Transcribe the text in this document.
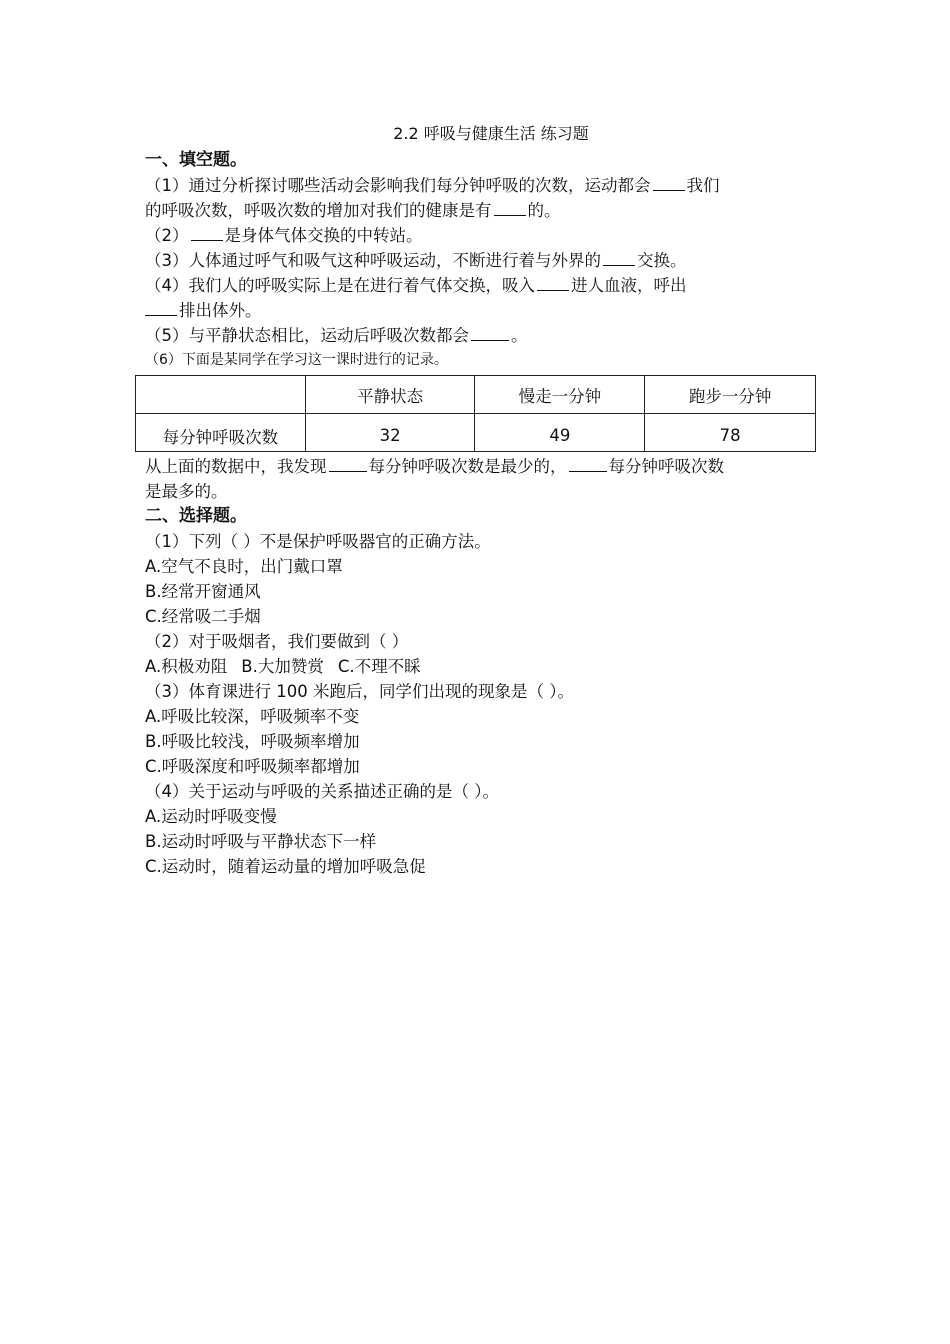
2.2 呼吸与健康生活 练习题
一、填空题。
（1）通过分析探讨哪些活动会影响我们每分钟呼吸的次数，运动都会 我们
的呼吸次数，呼吸次数的增加对我们的健康是有 的。
（2） 是身体气体交换的中转站。
（3）人体通过呼气和吸气这种呼吸运动，不断进行着与外界的 交换。
（4）我们人的呼吸实际上是在进行着气体交换，吸入 进人血液，呼出
排出体外。
（5）与平静状态相比，运动后呼吸次数都会	。
（6）下面是某同学在学习这一课时进行的记录。
	平静状态	慢走一分钟	跑步一分钟
每分钟呼吸次数	32	49	78
从上面的数据中，我发现	每分钟呼吸次数是最少的，	每分钟呼吸次数
是最多的。
二、选择题。
（1）下列（ ）不是保护呼吸器官的正确方法。
A.空气不良时，出门戴口罩
B.经常开窗通风
C.经常吸二手烟
（2）对于吸烟者，我们要做到（ ）
A.积极劝阻 B.大加赞赏 C.不理不睬
（3）体育课进行 100 米跑后，同学们出现的现象是（ ）。
A.呼吸比较深，呼吸频率不变
B.呼吸比较浅，呼吸频率增加
C.呼吸深度和呼吸频率都增加
（4）关于运动与呼吸的关系描述正确的是（ ）。
A.运动时呼吸变慢
B.运动时呼吸与平静状态下一样
C.运动时，随着运动量的增加呼吸急促
